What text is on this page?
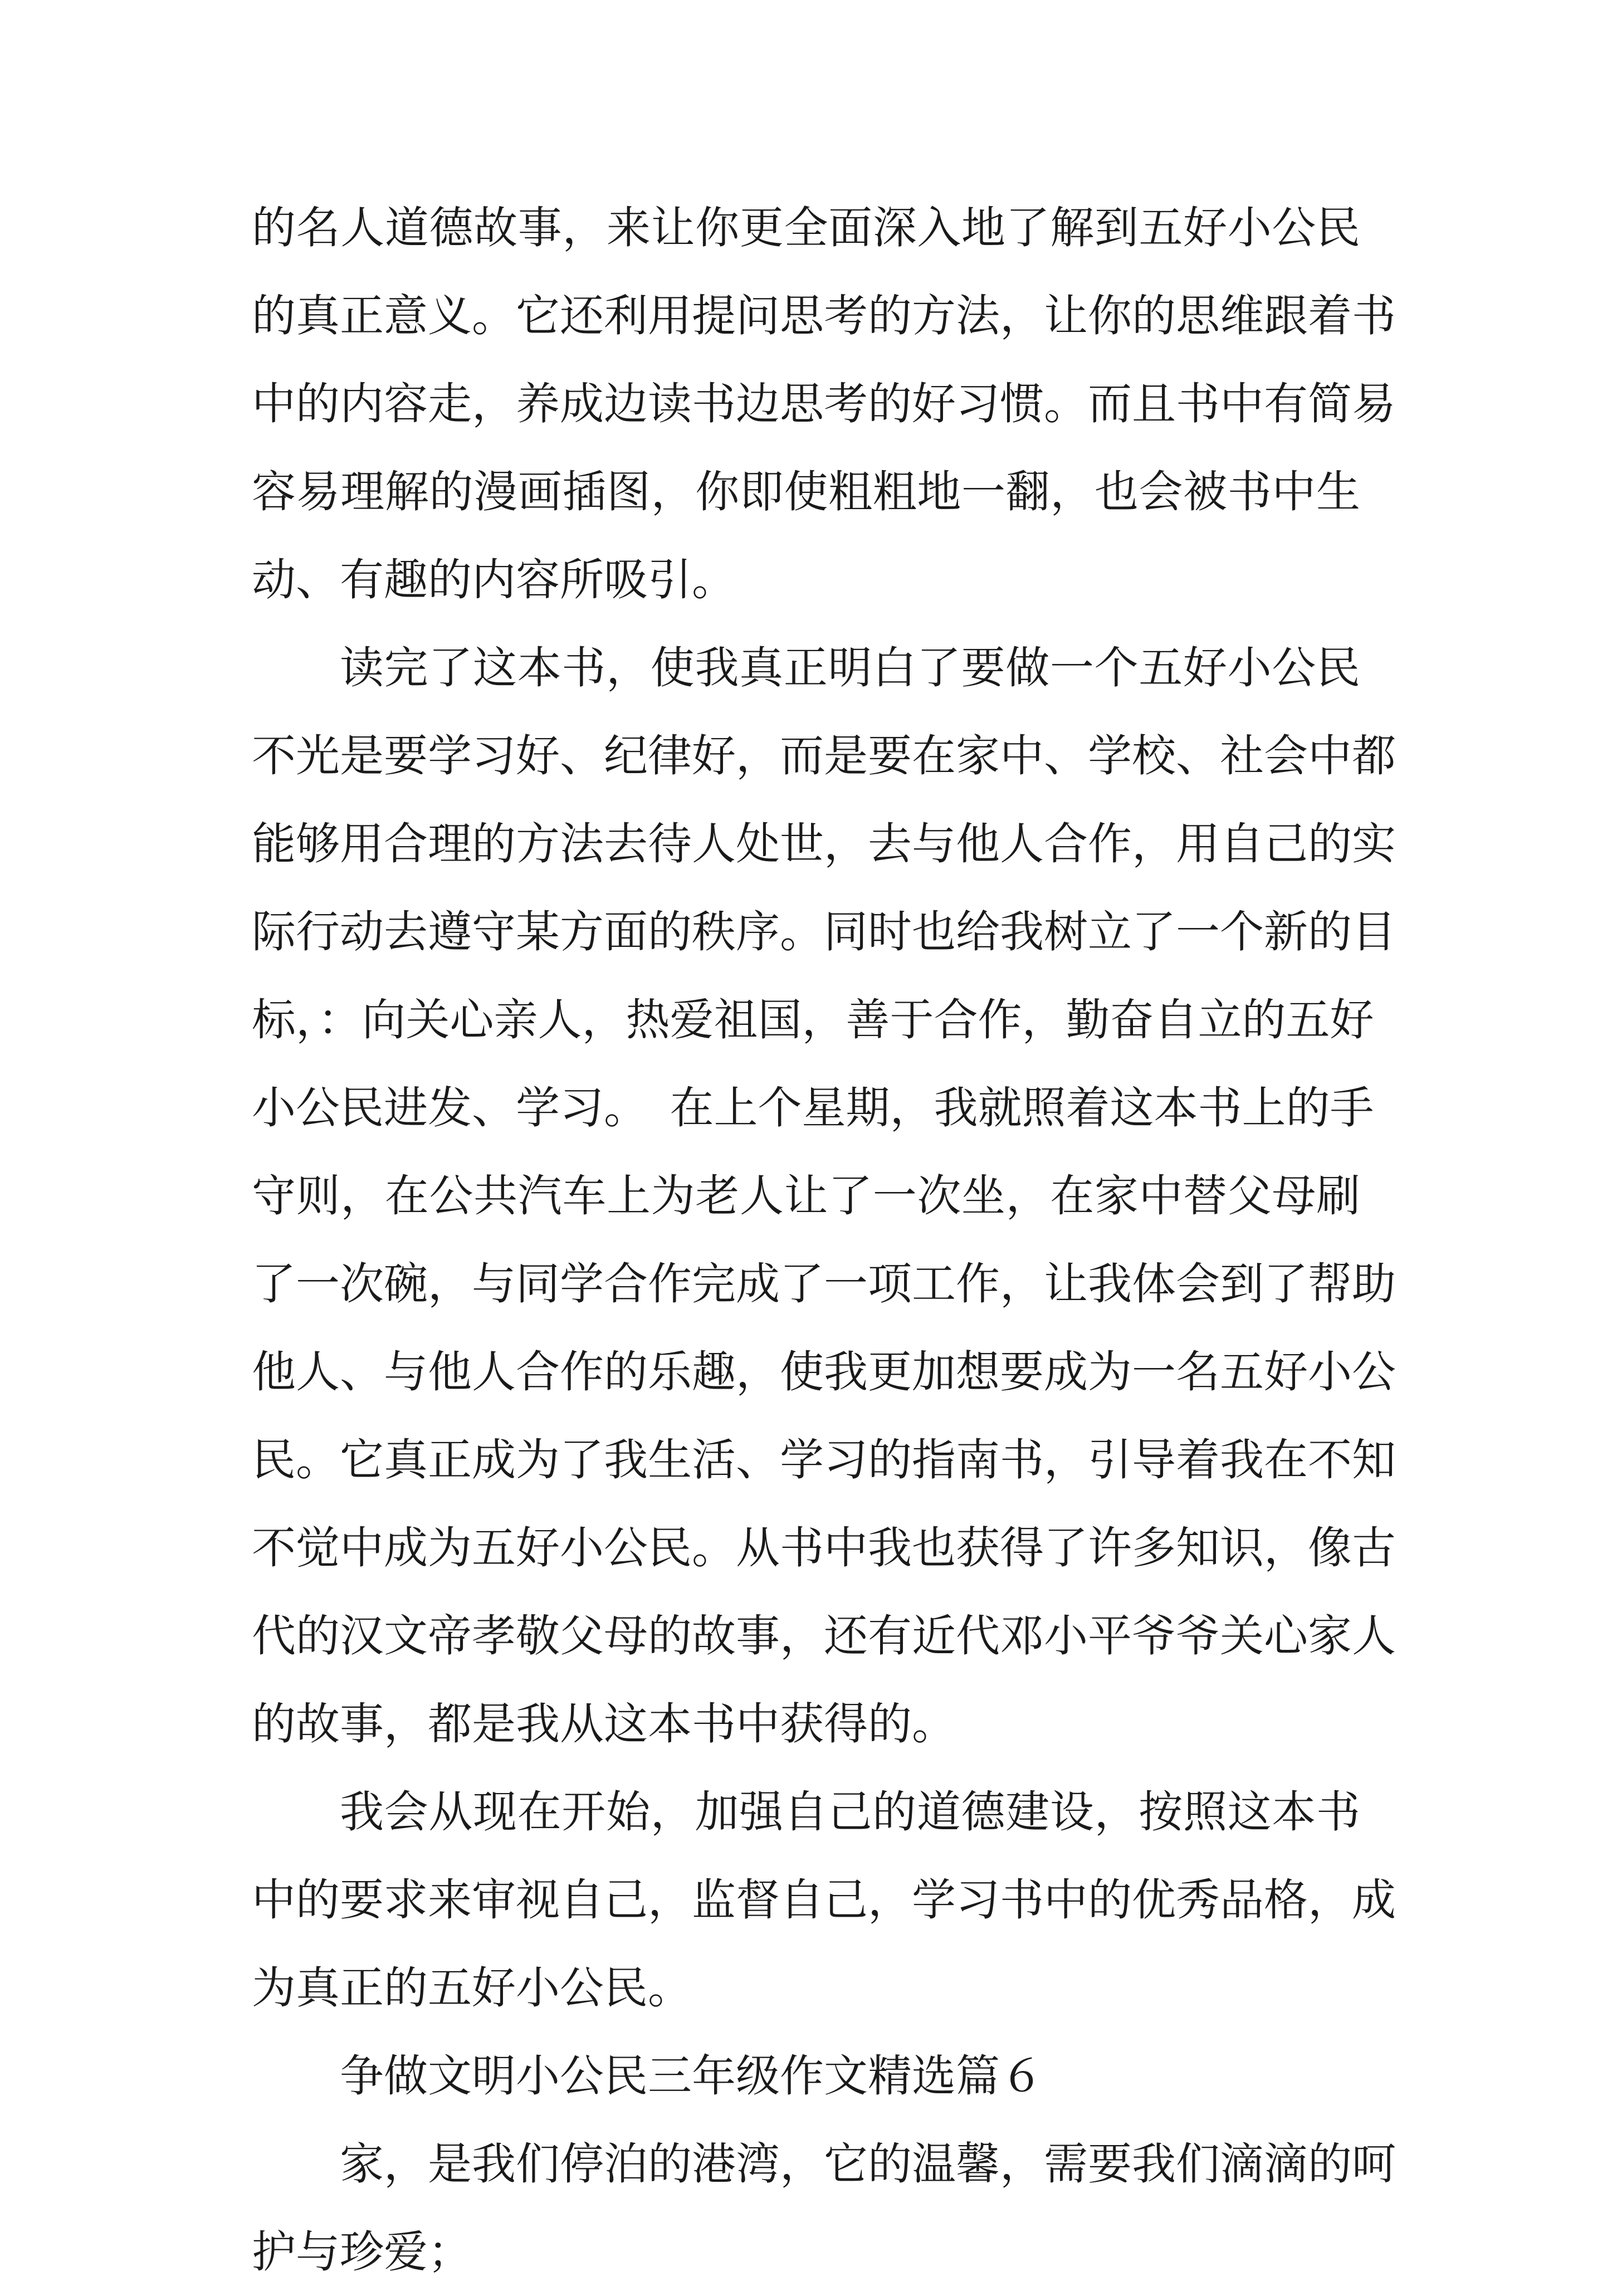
的名人道德故事，来让你更全面深入地了解到五好小公民
的真正意义。它还利用提问思考的方法，让你的思维跟着书
中的内容走，养成边读书边思考的好习惯。而且书中有简易
容易理解的漫画插图，你即使粗粗地一翻，也会被书中生
动、有趣的内容所吸引。
读完了这本书，使我真正明白了要做一个五好小公民
不光是要学习好、纪律好，而是要在家中、学校、社会中都
能够用合理的方法去待人处世，去与他人合作，用自己的实
际行动去遵守某方面的秩序。同时也给我树立了一个新的目
标，：向关心亲人，热爱祖国，善于合作，勤奋自立的五好
小公民进发、学习。　在上个星期，我就照着这本书上的手
守则，在公共汽车上为老人让了一次坐，在家中替父母刷
了一次碗，与同学合作完成了一项工作，让我体会到了帮助
他人、与他人合作的乐趣，使我更加想要成为一名五好小公
民。它真正成为了我生活、学习的指南书，引导着我在不知
不觉中成为五好小公民。从书中我也获得了许多知识，像古
代的汉文帝孝敬父母的故事，还有近代邓小平爷爷关心家人
的故事，都是我从这本书中获得的。
我会从现在开始，加强自己的道德建设，按照这本书
中的要求来审视自己，监督自己，学习书中的优秀品格，成
为真正的五好小公民。
争做文明小公民三年级作文精选篇６
家，是我们停泊的港湾，它的温馨，需要我们滴滴的呵
护与珍爱；
